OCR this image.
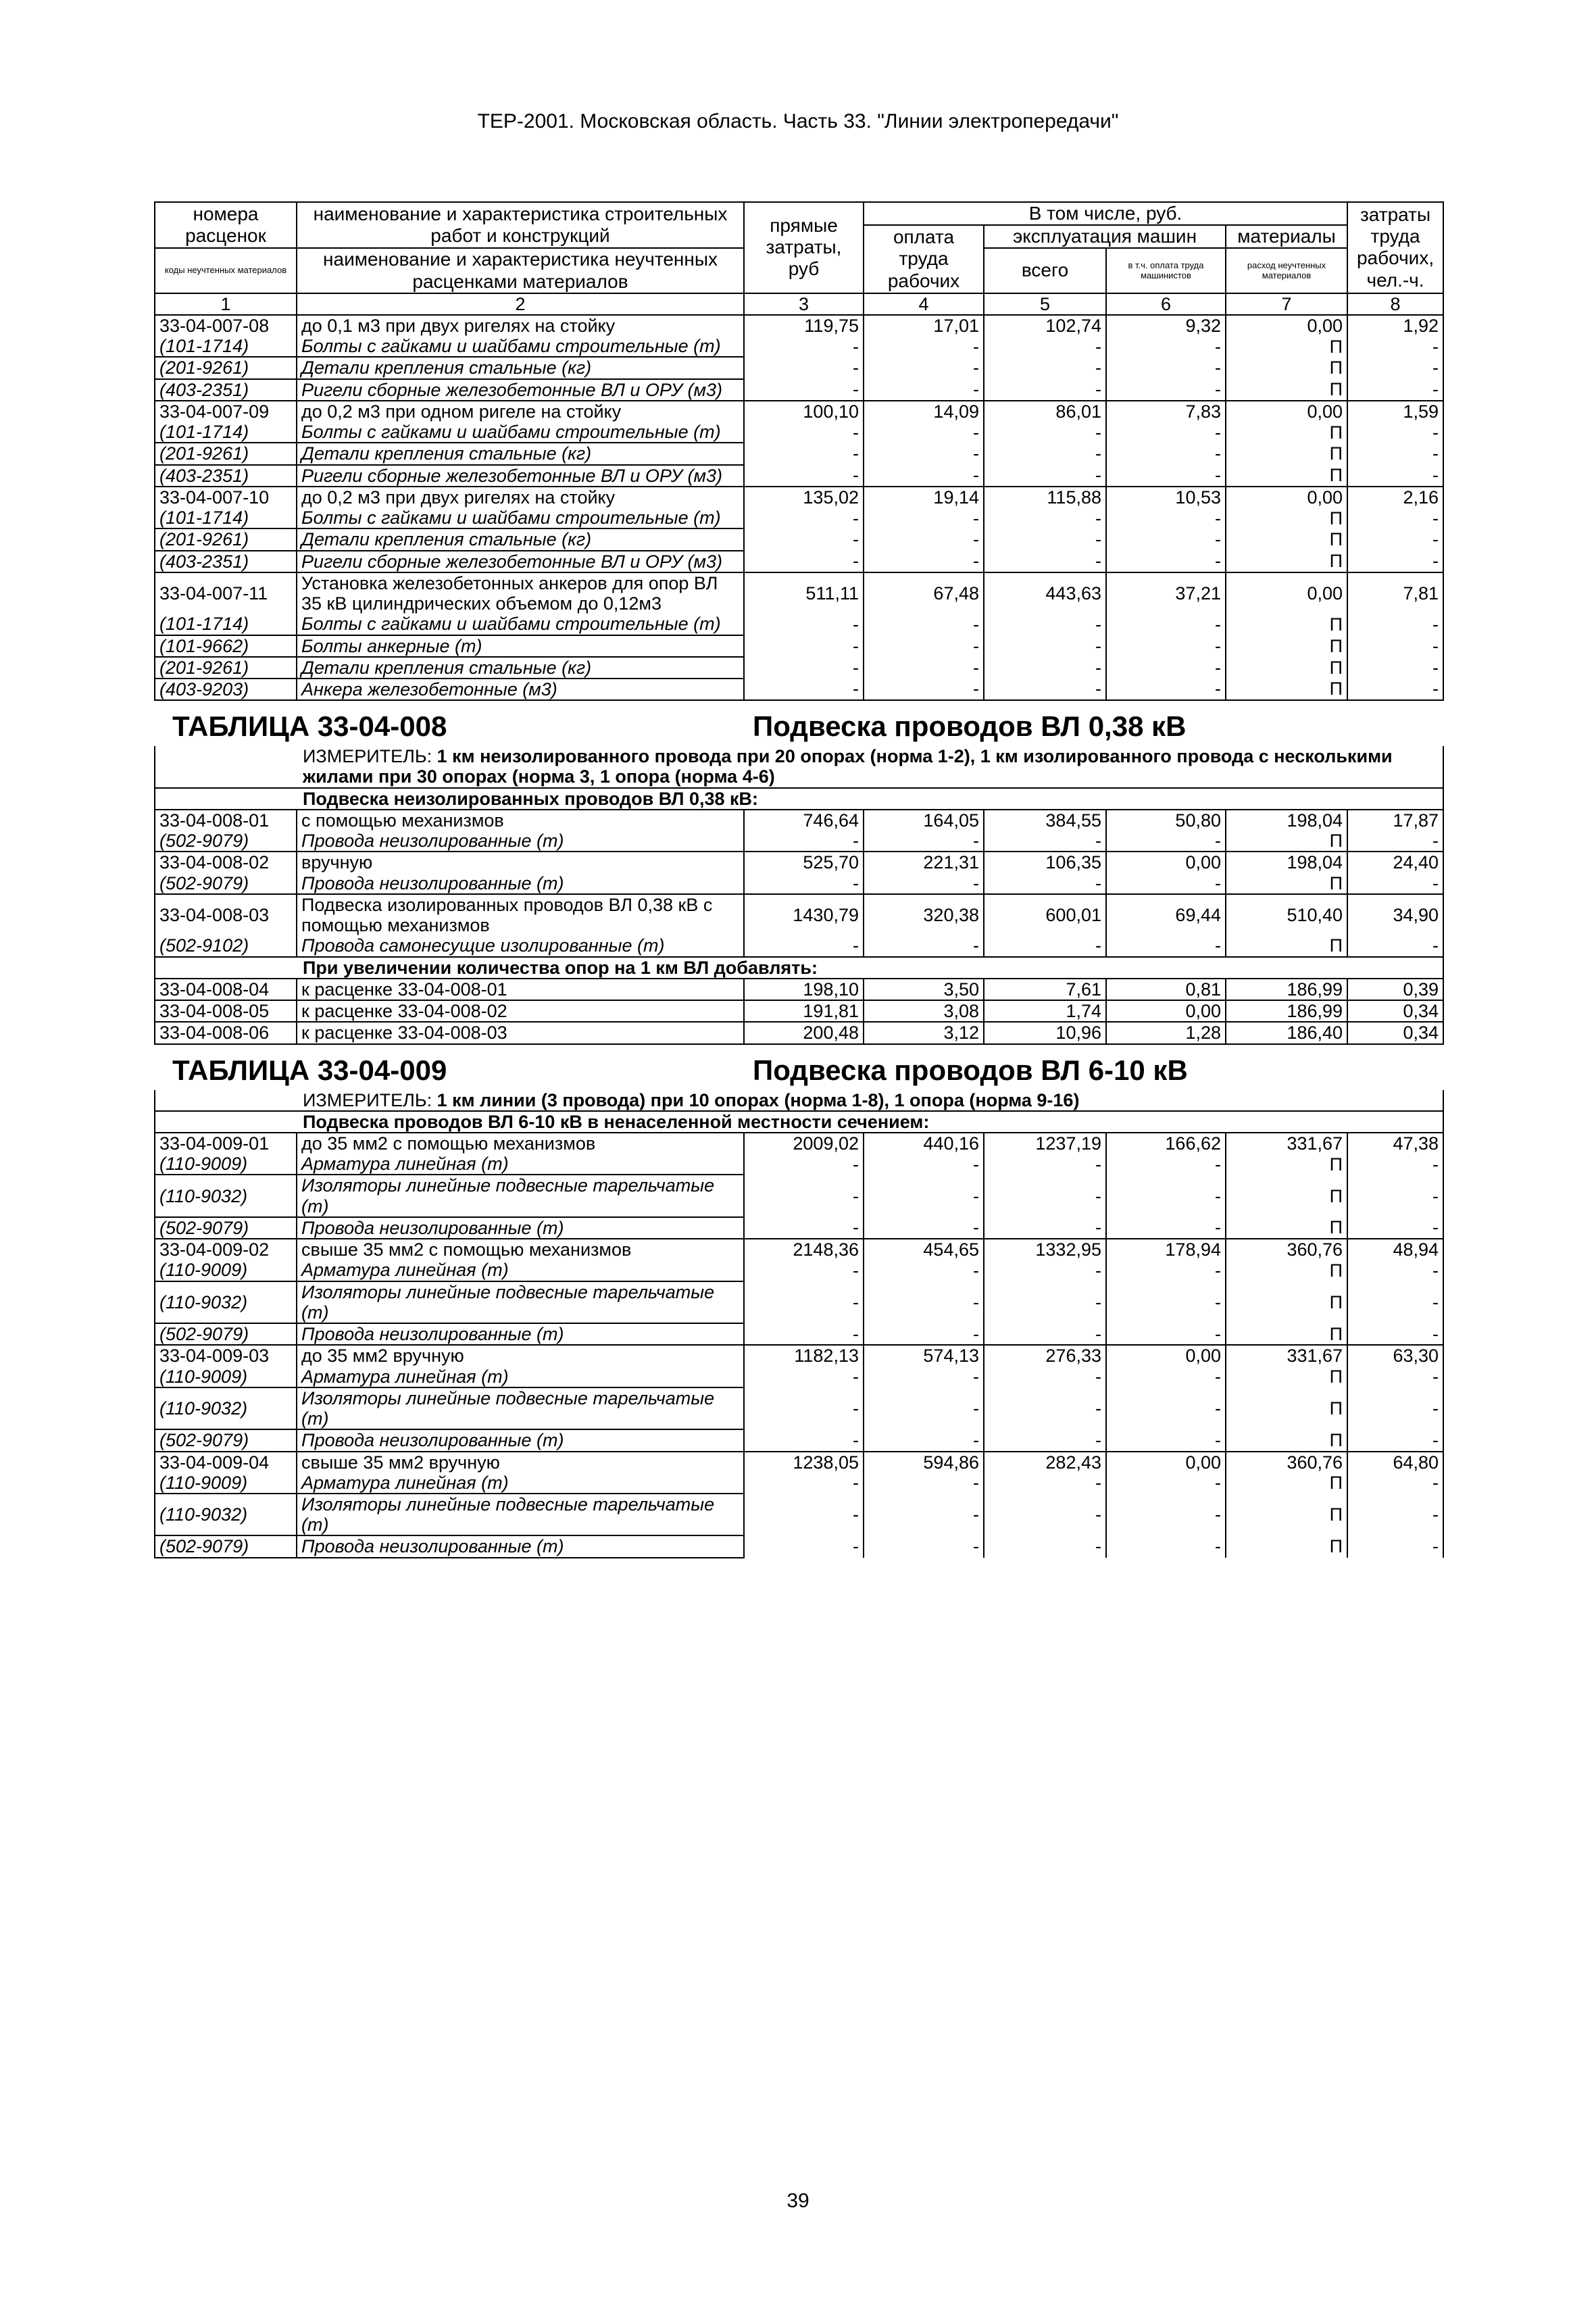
ТЕР-2001. Московская область. Часть 33. "Линии электропередачи"
номера расценок	наименование и характеристика строительных работ и конструкций	прямые затраты, руб	В том числе, руб.				затраты труда рабочих, чел.-ч.
			оплата труда рабочих	эксплуатация машин		материалы	
коды неучтенных материалов	наименование и характеристика неучтенных расценками материалов			всего	в т.ч. оплата труда машинистов	расход неучтенных материалов	

1	2	3	4	5	6	7	8
33-04-007-08	до 0,1 м3 при двух ригелях на стойку	119,75	17,01	102,74	9,32	0,00	1,92
(101-1714)	Болты с гайками и шайбами строительные (т)	-	-	-	-	П	-
(201-9261)	Детали крепления стальные (кг)	-	-	-	-	П	-
(403-2351)	Ригели сборные железобетонные ВЛ и ОРУ (м3)	-	-	-	-	П	-
33-04-007-09	до 0,2 м3 при одном ригеле на стойку	100,10	14,09	86,01	7,83	0,00	1,59
(101-1714)	Болты с гайками и шайбами строительные (т)	-	-	-	-	П	-
(201-9261)	Детали крепления стальные (кг)	-	-	-	-	П	-
(403-2351)	Ригели сборные железобетонные ВЛ и ОРУ (м3)	-	-	-	-	П	-
33-04-007-10	до 0,2 м3 при двух ригелях на стойку	135,02	19,14	115,88	10,53	0,00	2,16
(101-1714)	Болты с гайками и шайбами строительные (т)	-	-	-	-	П	-
(201-9261)	Детали крепления стальные (кг)	-	-	-	-	П	-
(403-2351)	Ригели сборные железобетонные ВЛ и ОРУ (м3)	-	-	-	-	П	-
33-04-007-11	Установка железобетонных анкеров для опор ВЛ 35 кВ цилиндрических объемом до 0,12м3	511,11	67,48	443,63	37,21	0,00	7,81
(101-1714)	Болты с гайками и шайбами строительные (т)	-	-	-	-	П	-
(101-9662)	Болты анкерные (т)	-	-	-	-	П	-
(201-9261)	Детали крепления стальные (кг)	-	-	-	-	П	-
(403-9203)	Анкера железобетонные (м3)	-	-	-	-	П	-
ТАБЛИЦА 33-04-008 Подвеска проводов ВЛ 0,38 кВ							

ИЗМЕРИТЕЛЬ: 1 км неизолированного провода при 20 опорах (норма 1-2), 1 км изолированного провода с несколькими жилами при 30 опорах (норма 3, 1 опора (норма 4-6)							
Подвеска неизолированных проводов ВЛ 0,38 кВ:							
33-04-008-01	с помощью механизмов	746,64	164,05	384,55	50,80	198,04	17,87
(502-9079)	Провода неизолированные (т)	-	-	-	-	П	-
33-04-008-02	вручную	525,70	221,31	106,35	0,00	198,04	24,40
(502-9079)	Провода неизолированные (т)	-	-	-	-	П	-
33-04-008-03	Подвеска изолированных проводов ВЛ 0,38 кВ с помощью механизмов	1430,79	320,38	600,01	69,44	510,40	34,90
(502-9102)	Провода самонесущие изолированные (т)	-	-	-	-	П	-
При увеличении количества опор на 1 км ВЛ добавлять:							
33-04-008-04	к расценке 33-04-008-01	198,10	3,50	7,61	0,81	186,99	0,39
33-04-008-05	к расценке 33-04-008-02	191,81	3,08	1,74	0,00	186,99	0,34
33-04-008-06	к расценке 33-04-008-03	200,48	3,12	10,96	1,28	186,40	0,34
ТАБЛИЦА 33-04-009 Подвеска проводов ВЛ 6-10 кВ							

ИЗМЕРИТЕЛЬ: 1 км линии (3 провода) при 10 опорах (норма 1-8), 1 опора (норма 9-16)							
Подвеска проводов ВЛ 6-10 кВ в ненаселенной местности сечением:							
33-04-009-01	до 35 мм2 с помощью механизмов	2009,02	440,16	1237,19	166,62	331,67	47,38
(110-9009)	Арматура линейная (т)	-	-	-	-	П	-
(110-9032)	Изоляторы линейные подвесные тарельчатые (т)	-	-	-	-	П	-
(502-9079)	Провода неизолированные (т)	-	-	-	-	П	-
33-04-009-02	свыше 35 мм2 с помощью механизмов	2148,36	454,65	1332,95	178,94	360,76	48,94
(110-9009)	Арматура линейная (т)	-	-	-	-	П	-
(110-9032)	Изоляторы линейные подвесные тарельчатые (т)	-	-	-	-	П	-
(502-9079)	Провода неизолированные (т)	-	-	-	-	П	-
33-04-009-03	до 35 мм2 вручную	1182,13	574,13	276,33	0,00	331,67	63,30
(110-9009)	Арматура линейная (т)	-	-	-	-	П	-
(110-9032)	Изоляторы линейные подвесные тарельчатые (т)	-	-	-	-	П	-
(502-9079)	Провода неизолированные (т)	-	-	-	-	П	-
33-04-009-04	свыше 35 мм2 вручную	1238,05	594,86	282,43	0,00	360,76	64,80
(110-9009)	Арматура линейная (т)	-	-	-	-	П	-
(110-9032)	Изоляторы линейные подвесные тарельчатые (т)	-	-	-	-	П	-
(502-9079)	Провода неизолированные (т)	-	-	-	-	П	-
39
